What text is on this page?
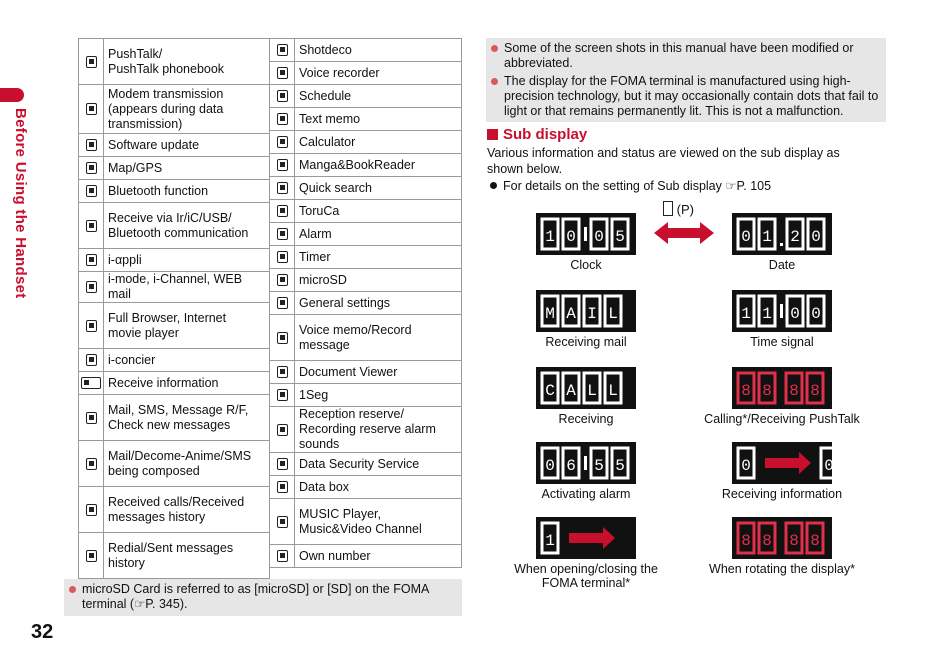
Before Using the Handset
32
	PushTalk/
PushTalk phonebook
	Modem transmission
(appears during data
transmission)
	Software update
	Map/GPS
	Bluetooth function
	Receive via Ir/iC/USB/
Bluetooth communication
	i-αppli
	i-mode, i-Channel, WEB mail
	Full Browser, Internet
movie player
	i-concier
	Receive information
	Mail, SMS, Message R/F,
Check new messages
	Mail/Decome-Anime/SMS
being composed
	Received calls/Received
messages history
	Redial/Sent messages
history
	Shotdeco
	Voice recorder
	Schedule
	Text memo
	Calculator
	Manga&BookReader
	Quick search
	ToruCa
	Alarm
	Timer
	microSD
	General settings
	Voice memo/Record
message
	Document Viewer
	1Seg
	Reception reserve/
Recording reserve alarm
sounds
	Data Security Service
	Data box
	MUSIC Player,
Music&Video Channel
	Own number

microSD Card is referred to as [microSD] or [SD] on the FOMA
terminal (☞P. 345).

Some of the screen shots in this manual have been modified or abbreviated.

The display for the FOMA terminal is manufactured using high-precision technology, but it may occasionally contain dots that fail to light or that remains permanently lit. This is not a malfunction.

Sub display
Various information and status are viewed on the sub display as shown below.
For details on the setting of Sub display ☞P. 105
(P)
1 0 0 5
Clock
0 1 2 0
Date
M A I L
Receiving mail
1 1 0 0
Time signal
C A L L
Receiving
8 8 8 8
Calling*/Receiving PushTalk
0 6 5 5
Activating alarm
0	0
Receiving information
1
When opening/closing the FOMA terminal*
8 8 8 8
When rotating the display*
